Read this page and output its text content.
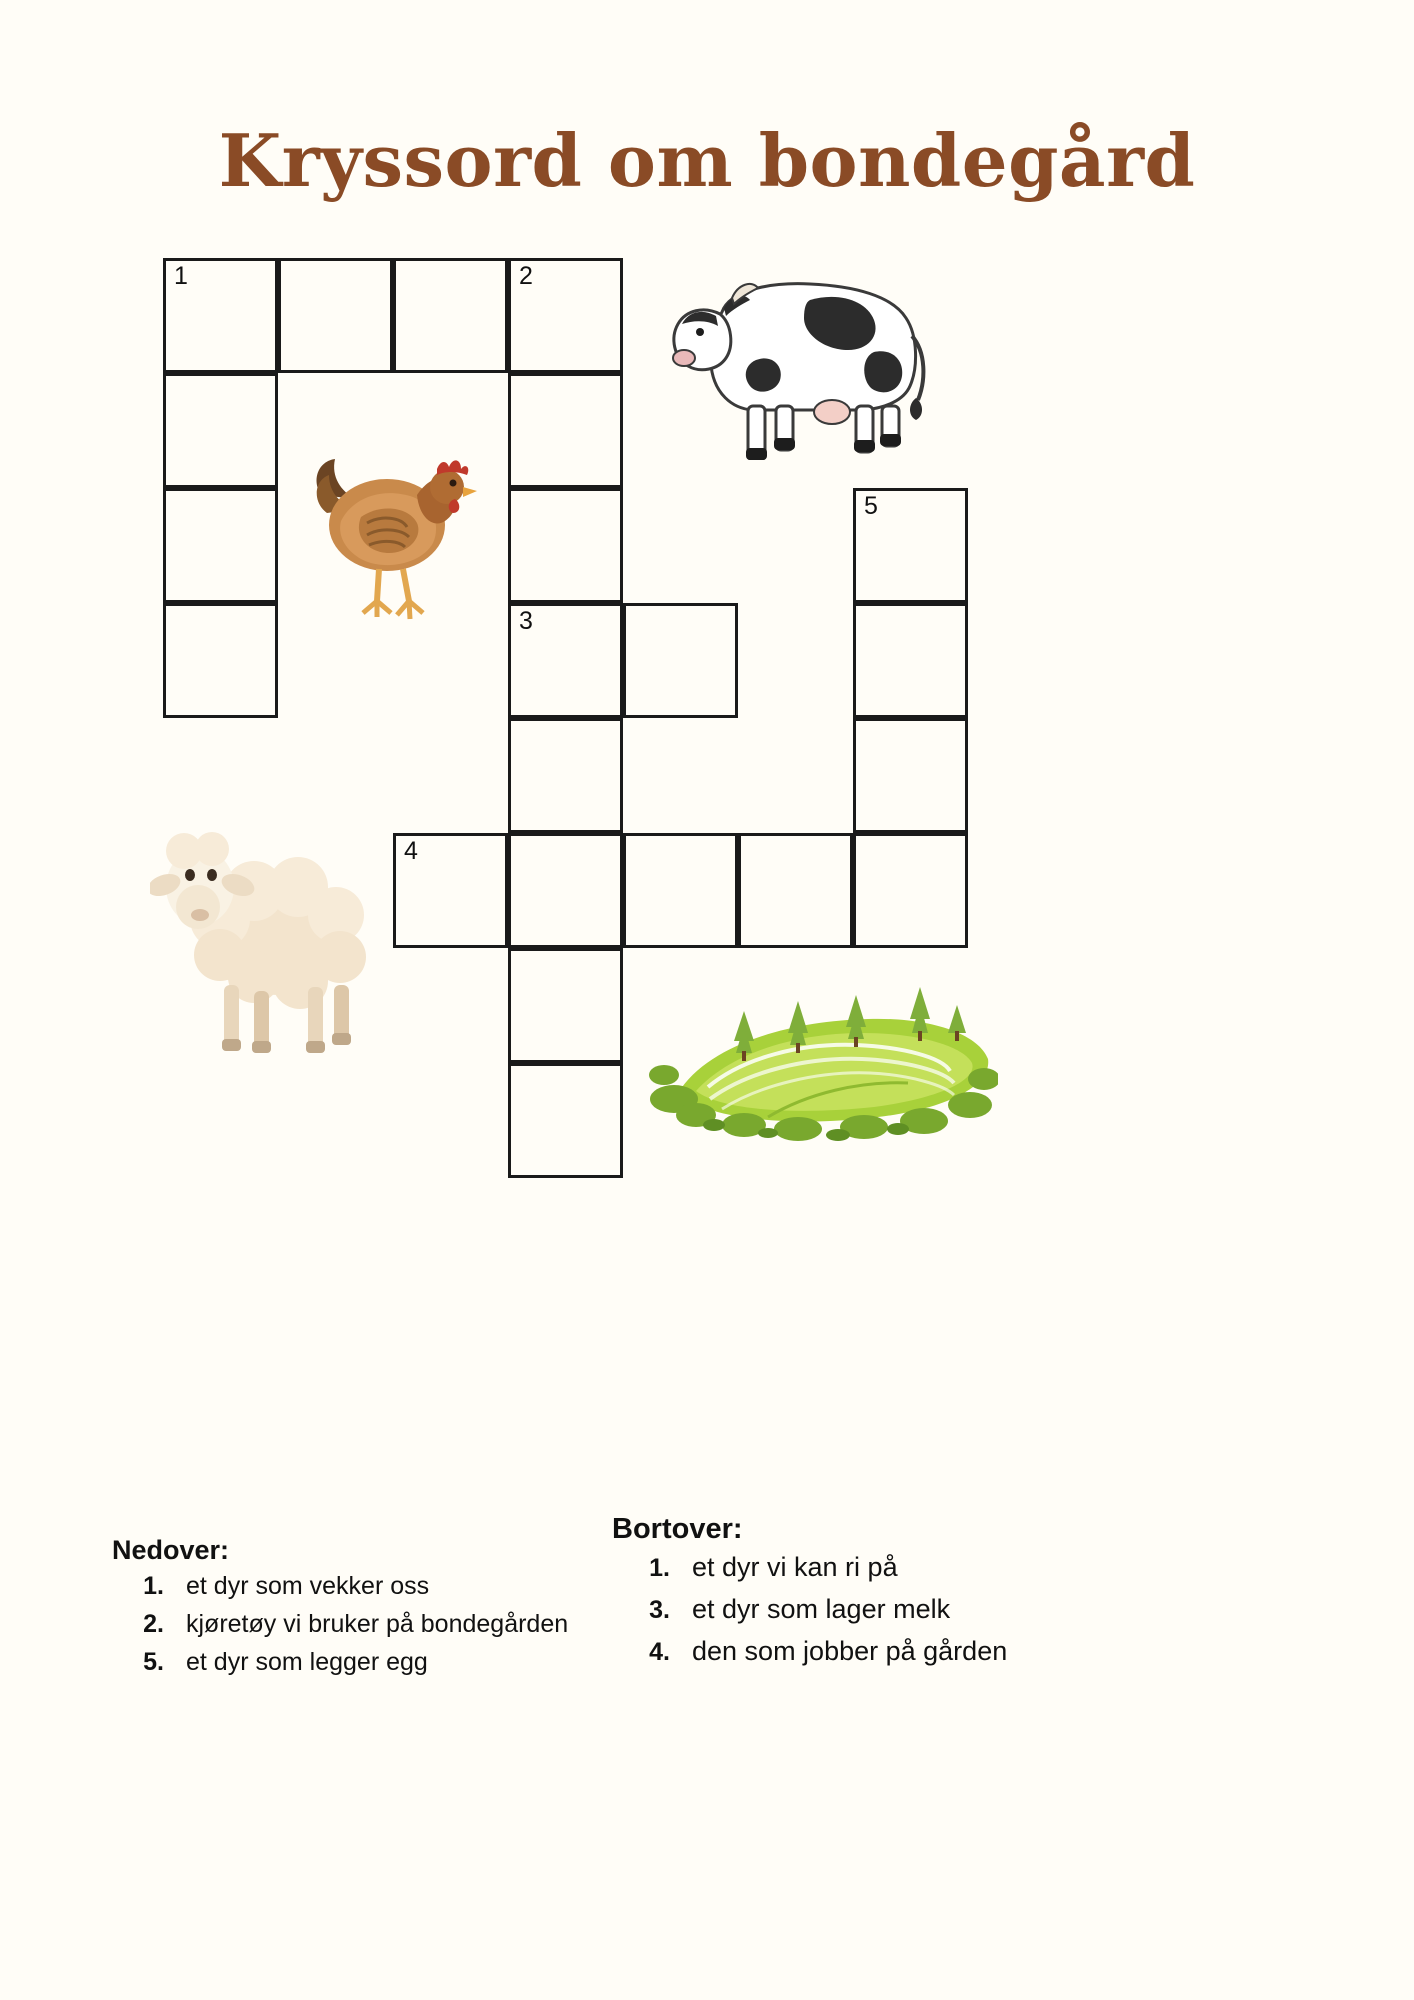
Kryssord om bondegård
1	2
5
3
4
Nedover:
1. et dyr som vekker oss
2. kjøretøy vi bruker på bondegården
5. et dyr som legger egg
Bortover:
1. et dyr vi kan ri på
3. et dyr som lager melk
4. den som jobber på gården
